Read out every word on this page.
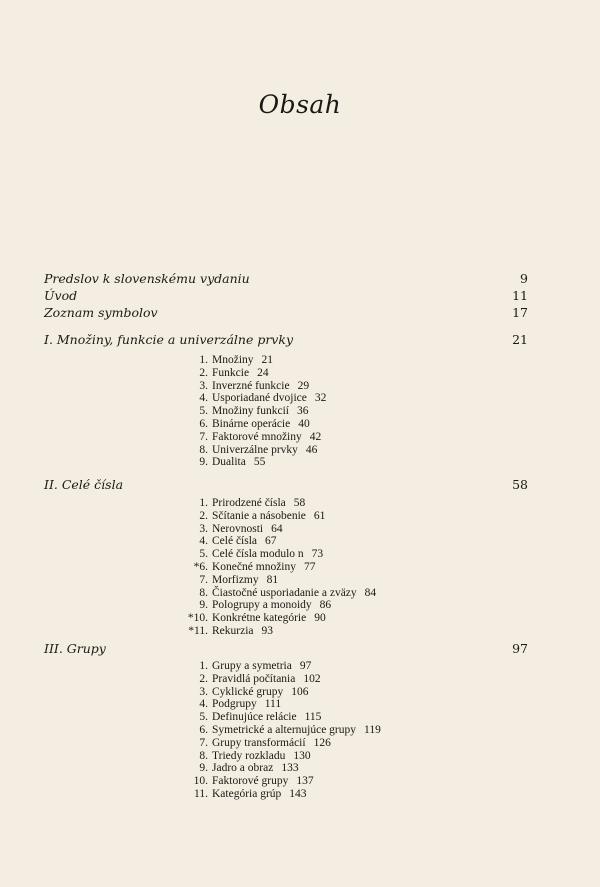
Obsah
Predslov k slovenskému vydaniu	9
Úvod	11
Zoznam symbolov	17
I. Množiny, funkcie a univerzálne prvky	21
1. Množiny 21
2. Funkcie 24
3. Inverzné funkcie 29
4. Usporiadané dvojice 32
5. Množiny funkcií 36
6. Binárne operácie 40
7. Faktorové množiny 42
8. Univerzálne prvky 46
9. Dualita 55
II. Celé čísla	58
1. Prirodzené čísla 58
2. Sčítanie a násobenie 61
3. Nerovnosti 64
4. Celé čísla 67
5. Celé čísla modulo n 73
*6. Konečné množiny 77
7. Morfizmy 81
8. Čiastočné usporiadanie a zväzy 84
9. Pologrupy a monoidy 86
*10. Konkrétne kategórie 90
*11. Rekurzia 93
III. Grupy	97
1. Grupy a symetria 97
2. Pravidlá počítania 102
3. Cyklické grupy 106
4. Podgrupy 111
5. Definujúce relácie 115
6. Symetrické a alternujúce grupy 119
7. Grupy transformácií 126
8. Triedy rozkladu 130
9. Jadro a obraz 133
10. Faktorové grupy 137
11. Kategória grúp 143
